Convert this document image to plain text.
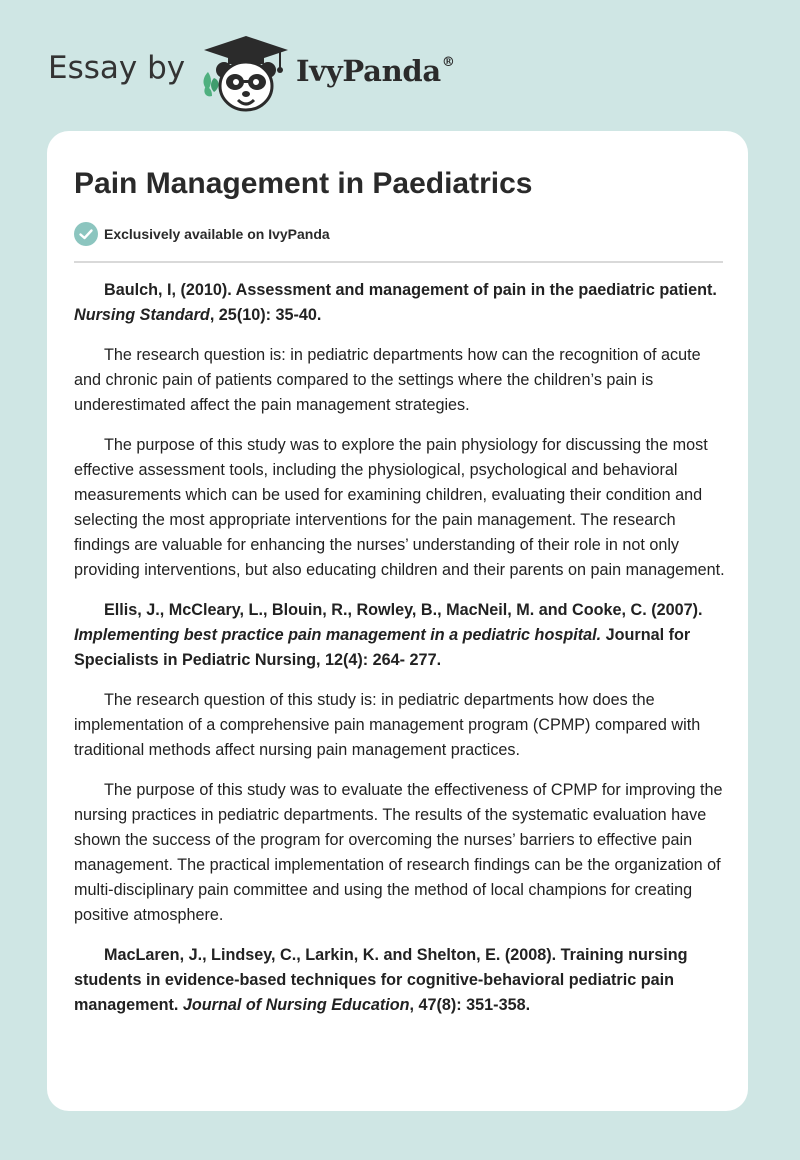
Essay by	IvyPanda®
Pain Management in Paediatrics
Exclusively available on IvyPanda

Baulch, I, (2010). Assessment and management of pain in the paediatric patient. Nursing Standard, 25(10): 35-40.

The research question is: in pediatric departments how can the recognition of acute and chronic pain of patients compared to the settings where the children’s pain is underestimated affect the pain management strategies.

The purpose of this study was to explore the pain physiology for discussing the most effective assessment tools, including the physiological, psychological and behavioral measurements which can be used for examining children, evaluating their condition and selecting the most appropriate interventions for the pain management. The research findings are valuable for enhancing the nurses’ understanding of their role in not only providing interventions, but also educating children and their parents on pain management.

Ellis, J., McCleary, L., Blouin, R., Rowley, B., MacNeil, M. and Cooke, C. (2007). Implementing best practice pain management in a pediatric hospital. Journal for Specialists in Pediatric Nursing, 12(4): 264- 277.

The research question of this study is: in pediatric departments how does the implementation of a comprehensive pain management program (CPMP) compared with traditional methods affect nursing pain management practices.

The purpose of this study was to evaluate the effectiveness of CPMP for improving the nursing practices in pediatric departments. The results of the systematic evaluation have shown the success of the program for overcoming the nurses’ barriers to effective pain management. The practical implementation of research findings can be the organization of multi-disciplinary pain committee and using the method of local champions for creating positive atmosphere.

MacLaren, J., Lindsey, C., Larkin, K. and Shelton, E. (2008). Training nursing students in evidence-based techniques for cognitive-behavioral pediatric pain management. Journal of Nursing Education, 47(8): 351-358.
